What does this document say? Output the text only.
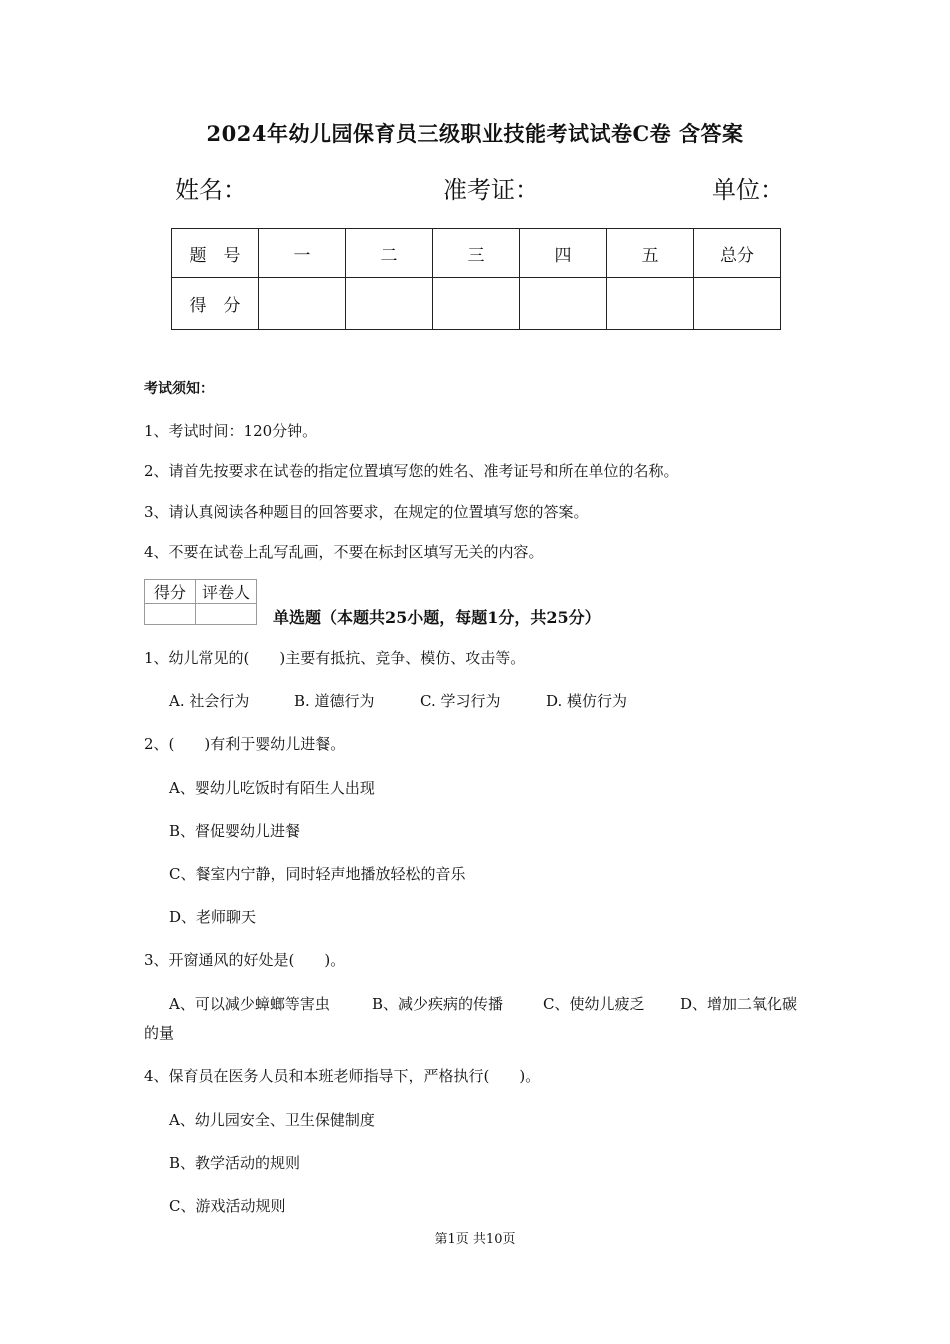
2024年幼儿园保育员三级职业技能考试试卷C卷 含答案
姓名：	准考证：	单位：
题　号	一	二	三	四	五	总分
得　分						
考试须知：
1、考试时间：120分钟。
2、请首先按要求在试卷的指定位置填写您的姓名、准考证号和所在单位的名称。
3、请认真阅读各种题目的回答要求，在规定的位置填写您的答案。
4、不要在试卷上乱写乱画，不要在标封区填写无关的内容。
得分	评卷人

单选题（本题共25小题，每题1分，共25分）
1、幼儿常见的(　　)主要有抵抗、竞争、模仿、攻击等。
A. 社会行为	B. 道德行为	C. 学习行为	D. 模仿行为
2、(　　)有利于婴幼儿进餐。
A、婴幼儿吃饭时有陌生人出现
B、督促婴幼儿进餐
C、餐室内宁静，同时轻声地播放轻松的音乐
D、老师聊天
3、开窗通风的好处是(　　)。
A、可以减少蟑螂等害虫	B、减少疾病的传播	C、使幼儿疲乏 D、增加二氧化碳
的量
4、保育员在医务人员和本班老师指导下，严格执行(　　)。
A、幼儿园安全、卫生保健制度
B、教学活动的规则
C、游戏活动规则
第1页 共10页
